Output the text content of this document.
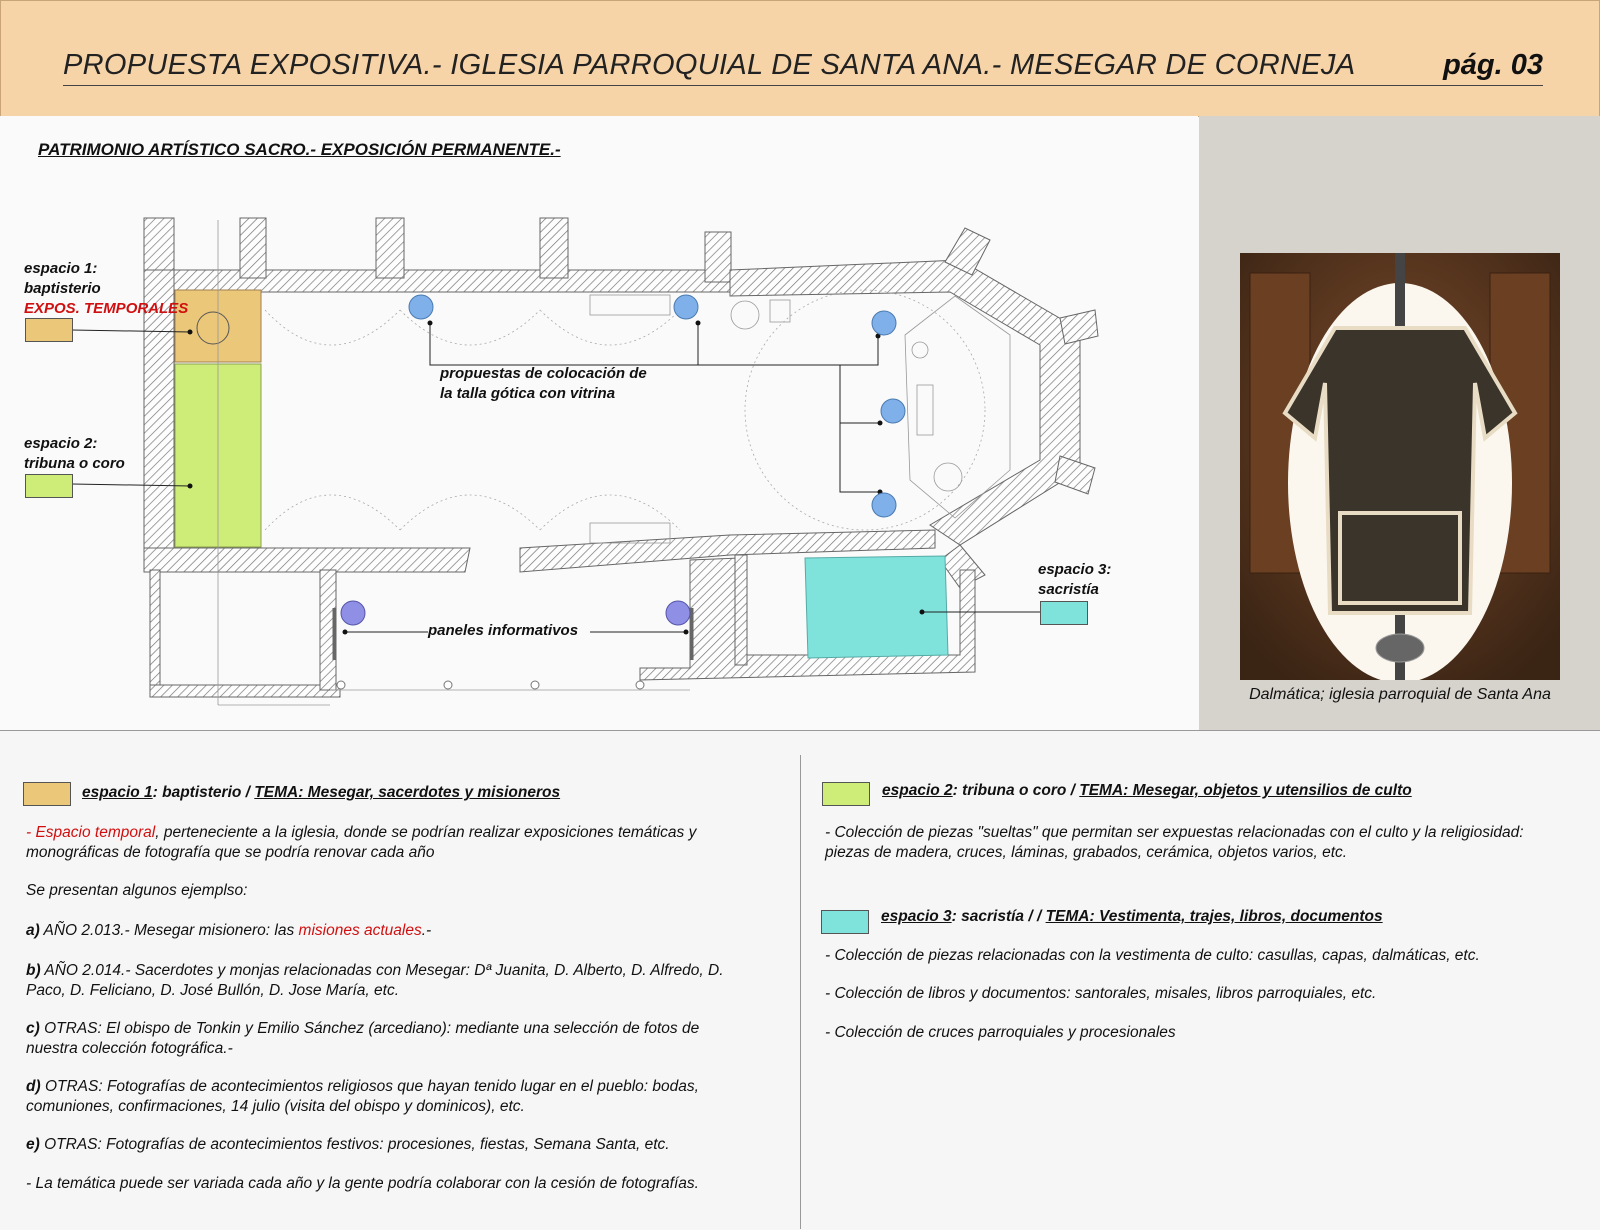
PROPUESTA EXPOSITIVA.- IGLESIA PARROQUIAL DE SANTA ANA.- MESEGAR DE CORNEJA	pág. 03
PATRIMONIO ARTÍSTICO SACRO.- EXPOSICIÓN PERMANENTE.-
espacio 1:
baptisterio
EXPOS. TEMPORALES
espacio 2:
tribuna o coro
espacio 3:
sacristía
propuestas de colocación de
la talla gótica con vitrina
paneles informativos
Dalmática; iglesia parroquial de Santa Ana
espacio 1: baptisterio / TEMA: Mesegar, sacerdotes y misioneros
- Espacio temporal, perteneciente a la iglesia, donde se podrían realizar exposiciones temáticas y
monográficas de fotografía que se podría renovar cada año
Se presentan algunos ejemplso:
a) AÑO 2.013.- Mesegar misionero: las misiones actuales.-
b) AÑO 2.014.- Sacerdotes y monjas relacionadas con Mesegar: Dª Juanita, D. Alberto, D. Alfredo, D.
Paco, D. Feliciano, D. José Bullón, D. Jose María, etc.
c) OTRAS: El obispo de Tonkin y Emilio Sánchez (arcediano): mediante una selección de fotos de
nuestra colección fotográfica.-
d) OTRAS: Fotografías de acontecimientos religiosos que hayan tenido lugar en el pueblo: bodas,
comuniones, confirmaciones, 14 julio (visita del obispo y dominicos), etc.
e) OTRAS: Fotografías de acontecimientos festivos: procesiones, fiestas, Semana Santa, etc.
- La temática puede ser variada cada año y la gente podría colaborar con la cesión de fotografías.
espacio 2: tribuna o coro / TEMA: Mesegar, objetos y utensilios de culto
- Colección de piezas "sueltas" que permitan ser expuestas relacionadas con el culto y la religiosidad:
piezas de madera, cruces, láminas, grabados, cerámica, objetos varios, etc.
espacio 3: sacristía / / TEMA: Vestimenta, trajes, libros, documentos
- Colección de piezas relacionadas con la vestimenta de culto: casullas, capas, dalmáticas, etc.
- Colección de libros y documentos: santorales, misales, libros parroquiales, etc.
- Colección de cruces parroquiales y procesionales
